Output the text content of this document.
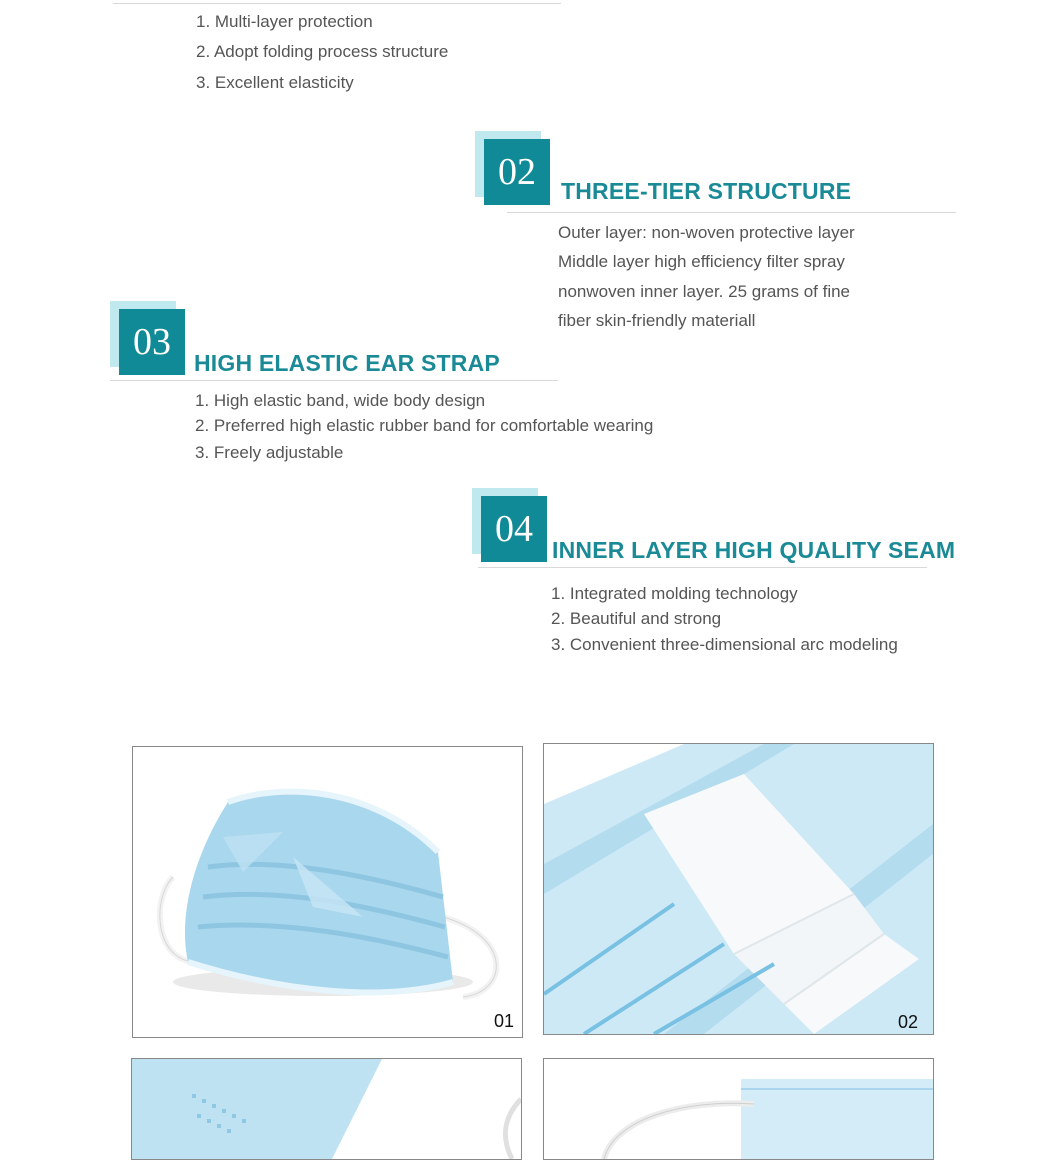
1. Multi-layer protection
2. Adopt folding process structure
3. Excellent elasticity
02	THREE-TIER STRUCTURE
Outer layer: non-woven protective layer
Middle layer high efficiency filter spray
nonwoven inner layer. 25 grams of fine
fiber skin-friendly materiall
03	HIGH ELASTIC EAR STRAP
1. High elastic band, wide body design
2. Preferred high elastic rubber band for comfortable wearing
3. Freely adjustable
04 INNER LAYER HIGH QUALITY SEAM
1. Integrated molding technology
2. Beautiful and strong
3. Convenient three-dimensional arc modeling
01	02
